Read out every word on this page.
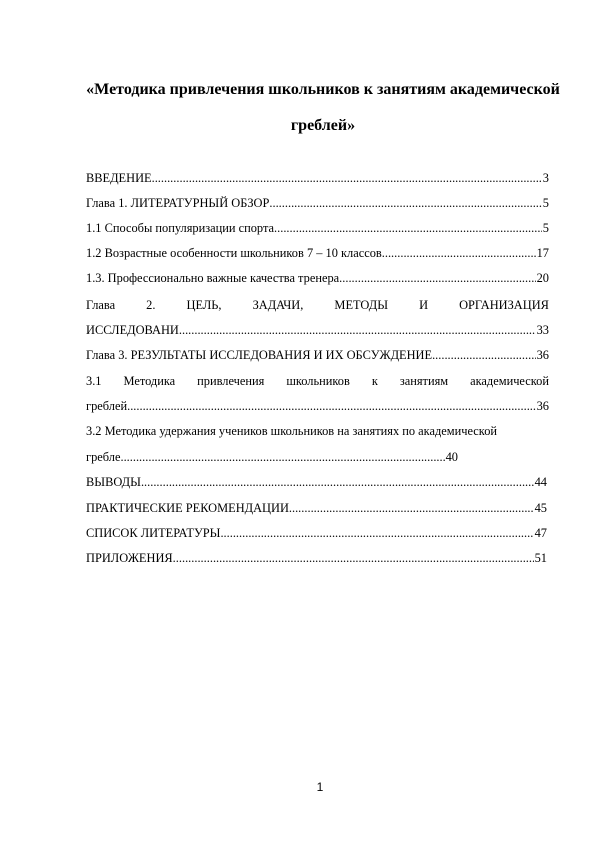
«Методика привлечения школьников к занятиям академической
греблей»
ВВЕДЕНИЕ .....	3
Глава 1. ЛИТЕРАТУРНЫЙ ОБЗОР .....	5
1.1 Способы популяризации спорта .....	5
1.2 Возрастные особенности школьников 7 – 10 классов .....	17
1.3. Профессионально важные качества тренера .....	20
Глава	2.	ЦЕЛЬ,	ЗАДАЧИ,	МЕТОДЫ	И	ОРГАНИЗАЦИЯ
ИССЛЕДОВАНИ .....	33
Глава 3. РЕЗУЛЬТАТЫ ИССЛЕДОВАНИЯ И ИХ ОБСУЖДЕНИЕ .....	36
3.1 Методика привлечения школьников к занятиям академической
греблей .....	36
3.2 Методика удержания учеников школьников на занятиях по академической
гребле .....	40
ВЫВОДЫ .....	44
ПРАКТИЧЕСКИЕ РЕКОМЕНДАЦИИ .....	45
СПИСОК ЛИТЕРАТУРЫ .....	47
ПРИЛОЖЕНИЯ .....	51
1
